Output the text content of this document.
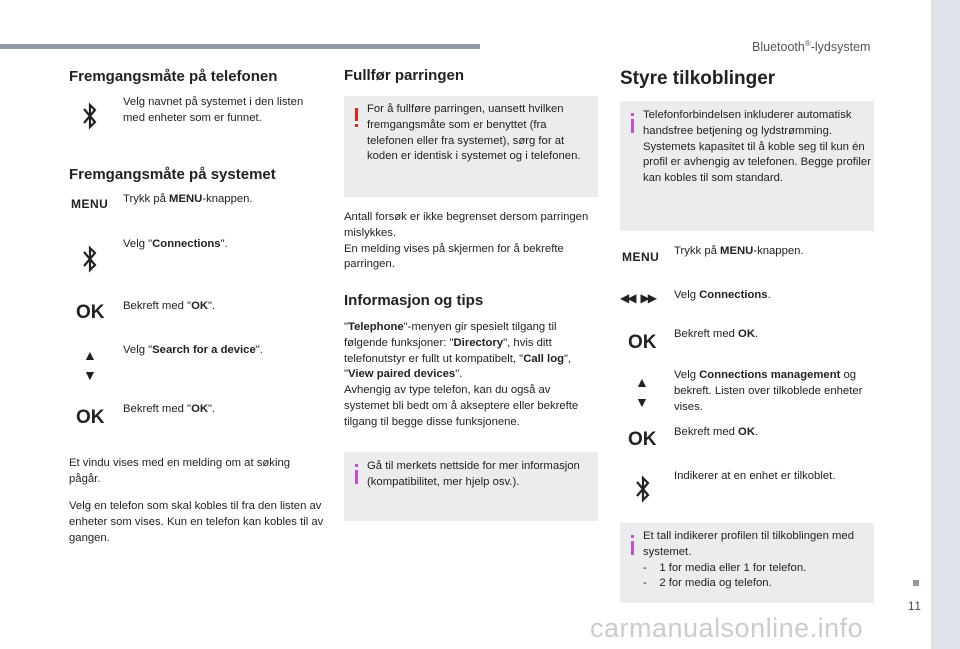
Bluetooth®-lydsystem
11
carmanualsonline.info
Fremgangsmåte på telefonen
Velg navnet på systemet i den listen med enheter som er funnet.
Fremgangsmåte på systemet
MENU Trykk på MENU-knappen.
Velg "Connections".
OK Bekreft med "OK".
▲
▼
Velg "Search for a device".
OK Bekreft med "OK".
Et vindu vises med en melding om at søking pågår.
Velg en telefon som skal kobles til fra den listen av enheter som vises. Kun en telefon kan kobles til av gangen.
Fullfør parringen
For å fullføre parringen, uansett hvilken fremgangsmåte som er benyttet (fra telefonen eller fra systemet), sørg for at koden er identisk i systemet og i telefonen.
Antall forsøk er ikke begrenset dersom parringen mislykkes.
En melding vises på skjermen for å bekrefte parringen.
Informasjon og tips
"Telephone"-menyen gir spesielt tilgang til følgende funksjoner: "Directory", hvis ditt telefonutstyr er fullt ut kompatibelt, "Call log", "View paired devices".
Avhengig av type telefon, kan du også av systemet bli bedt om å akseptere eller bekrefte tilgang til begge disse funksjonene.
Gå til merkets nettside for mer informasjon (kompatibilitet, mer hjelp osv.).
Styre tilkoblinger
Telefonforbindelsen inkluderer automatisk handsfree betjening og lydstrømming. Systemets kapasitet til å koble seg til kun én profil er avhengig av telefonen. Begge profiler kan kobles til som standard.
MENU Trykk på MENU-knappen.
◀◀ ▶▶ Velg Connections.
OK Bekreft med OK.
▲
▼
Velg Connections management og bekreft. Listen over tilkoblede enheter vises.
OK Bekreft med OK.
Indikerer at en enhet er tilkoblet.
Et tall indikerer profilen til tilkoblingen med systemet.
-    1 for media eller 1 for telefon.
-    2 for media og telefon.
